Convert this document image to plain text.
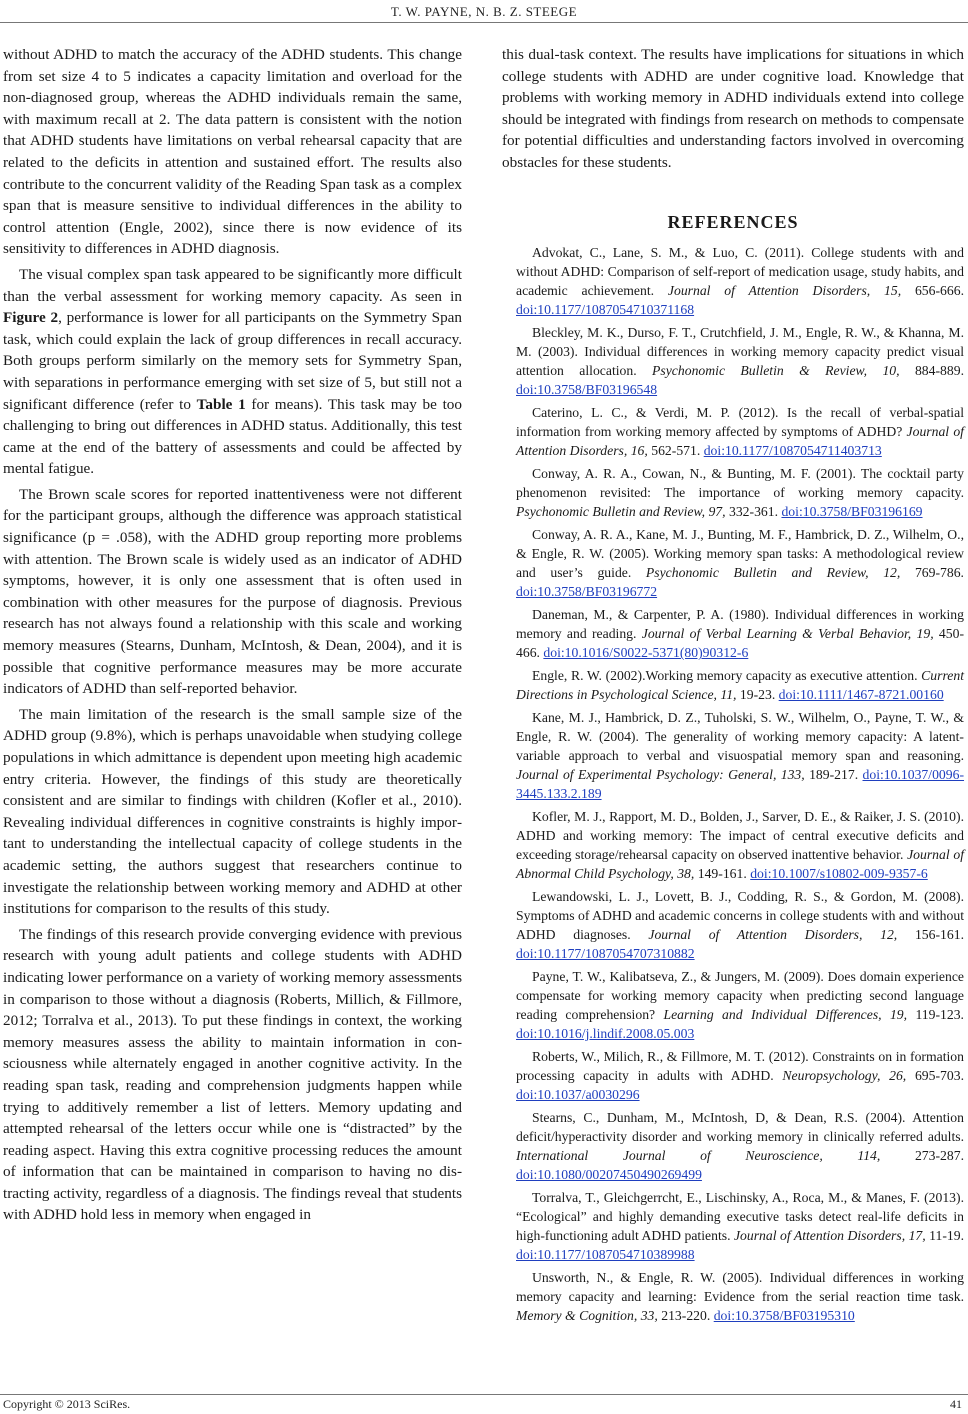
T. W. PAYNE, N. B. Z. STEEGE

without ADHD to match the accuracy of the ADHD students. This change from set size 4 to 5 indicates a capacity limitation and overload for the non-diagnosed group, whereas the ADHD individuals remain the same, with maximum recall at 2. The data pattern is consistent with the notion that ADHD students have limitations on verbal rehearsal capacity that are related to the deficits in attention and sustained effort. The results also contribute to the concurrent validity of the Reading Span task as a complex span that is measure sensitive to individual differences in the ability to control attention (Engle, 2002), since there is now evidence of its sensitivity to differences in ADHD diagnosis.

The visual complex span task appeared to be significantly more difficult than the verbal assessment for working memory capacity. As seen in Figure 2, performance is lower for all participants on the Symmetry Span task, which could explain the lack of group differences in recall accuracy. Both groups perform similarly on the memory sets for Symmetry Span, with separations in performance emerging with set size of 5, but still not a significant difference (refer to Table 1 for means). This task may be too challenging to bring out differences in ADHD status. Additionally, this test came at the end of the battery of assessments and could be affected by mental fatigue.

The Brown scale scores for reported inattentiveness were not different for the participant groups, although the difference was approach statistical significance (p = .058), with the ADHD group reporting more problems with attention. The Brown scale is widely used as an indicator of ADHD symptoms, however, it is only one assessment that is often used in combination with other measures for the purpose of diagnosis. Previous research has not always found a relationship with this scale and working memory measures (Stearns, Dunham, McIntosh, & Dean, 2004), and it is possible that cognitive performance measures may be more accurate indicators of ADHD than self-reported behavior.

The main limitation of the research is the small sample size of the ADHD group (9.8%), which is perhaps unavoidable when studying college populations in which admittance is dependent upon meeting high academic entry criteria. However, the findings of this study are theoretically consistent and are similar to findings with children (Kofler et al., 2010). Revealing individual differences in cognitive constraints is highly important to understanding the intellectual capacity of college students in the academic setting, the authors suggest that researchers continue to investigate the relationship between working memory and ADHD at other institutions for comparison to the results of this study.

The findings of this research provide converging evidence with previous research with young adult patients and college students with ADHD indicating lower performance on a variety of working memory assessments in comparison to those without a diagnosis (Roberts, Millich, & Fillmore, 2012; Torralva et al., 2013). To put these findings in context, the working memory measures assess the ability to maintain information in consciousness while alternately engaged in another cognitive activity. In the reading span task, reading and comprehension judgments happen while trying to additively remember a list of letters. Memory updating and attempted rehearsal of the letters occur while one is “distracted” by the reading aspect. Having this extra cognitive processing reduces the amount of information that can be maintained in comparison to having no distracting activity, regardless of a diagnosis. The findings reveal that students with ADHD hold less in memory when engaged in

this dual-task context. The results have implications for situations in which college students with ADHD are under cognitive load. Knowledge that problems with working memory in ADHD individuals extend into college should be integrated with findings from research on methods to compensate for potential difficulties and understanding factors involved in overcoming obstacles for these students.

REFERENCES

Advokat, C., Lane, S. M., & Luo, C. (2011). College students with and without ADHD: Comparison of self-report of medication usage, study habits, and academic achievement. Journal of Attention Disorders, 15, 656-666. doi:10.1177/1087054710371168

Bleckley, M. K., Durso, F. T., Crutchfield, J. M., Engle, R. W., & Khanna, M. M. (2003). Individual differences in working memory capacity predict visual attention allocation. Psychonomic Bulletin & Review, 10, 884-889. doi:10.3758/BF03196548

Caterino, L. C., & Verdi, M. P. (2012). Is the recall of verbal-spatial information from working memory affected by symptoms of ADHD? Journal of Attention Disorders, 16, 562-571. doi:10.1177/1087054711403713

Conway, A. R. A., Cowan, N., & Bunting, M. F. (2001). The cocktail party phenomenon revisited: The importance of working memory capacity. Psychonomic Bulletin and Review, 97, 332-361. doi:10.3758/BF03196169

Conway, A. R. A., Kane, M. J., Bunting, M. F., Hambrick, D. Z., Wilhelm, O., & Engle, R. W. (2005). Working memory span tasks: A methodological review and user’s guide. Psychonomic Bulletin and Review, 12, 769-786. doi:10.3758/BF03196772

Daneman, M., & Carpenter, P. A. (1980). Individual differences in working memory and reading. Journal of Verbal Learning & Verbal Behavior, 19, 450-466. doi:10.1016/S0022-5371(80)90312-6

Engle, R. W. (2002).Working memory capacity as executive attention. Current Directions in Psychological Science, 11, 19-23. doi:10.1111/1467-8721.00160

Kane, M. J., Hambrick, D. Z., Tuholski, S. W., Wilhelm, O., Payne, T. W., & Engle, R. W. (2004). The generality of working memory capacity: A latent-variable approach to verbal and visuospatial memory span and reasoning. Journal of Experimental Psychology: General, 133, 189-217. doi:10.1037/0096-3445.133.2.189

Kofler, M. J., Rapport, M. D., Bolden, J., Sarver, D. E., & Raiker, J. S. (2010). ADHD and working memory: The impact of central executive deficits and exceeding storage/rehearsal capacity on observed inattentive behavior. Journal of Abnormal Child Psychology, 38, 149-161. doi:10.1007/s10802-009-9357-6

Lewandowski, L. J., Lovett, B. J., Codding, R. S., & Gordon, M. (2008). Symptoms of ADHD and academic concerns in college students with and without ADHD diagnoses. Journal of Attention Disorders, 12, 156-161. doi:10.1177/1087054707310882

Payne, T. W., Kalibatseva, Z., & Jungers, M. (2009). Does domain experience compensate for working memory capacity when predicting second language reading comprehension? Learning and Individual Differences, 19, 119-123. doi:10.1016/j.lindif.2008.05.003

Roberts, W., Milich, R., & Fillmore, M. T. (2012). Constraints on in formation processing capacity in adults with ADHD. Neuropsychology, 26, 695-703. doi:10.1037/a0030296

Stearns, C., Dunham, M., McIntosh, D, & Dean, R.S. (2004). Attention deficit/hyperactivity disorder and working memory in clinically referred adults. International Journal of Neuroscience, 114, 273-287. doi:10.1080/00207450490269499

Torralva, T., Gleichgerrcht, E., Lischinsky, A., Roca, M., & Manes, F. (2013). “Ecological” and highly demanding executive tasks detect real-life deficits in high-functioning adult ADHD patients. Journal of Attention Disorders, 17, 11-19. doi:10.1177/1087054710389988

Unsworth, N., & Engle, R. W. (2005). Individual differences in working memory capacity and learning: Evidence from the serial reaction time task. Memory & Cognition, 33, 213-220. doi:10.3758/BF03195310

Copyright © 2013 SciRes.	41
